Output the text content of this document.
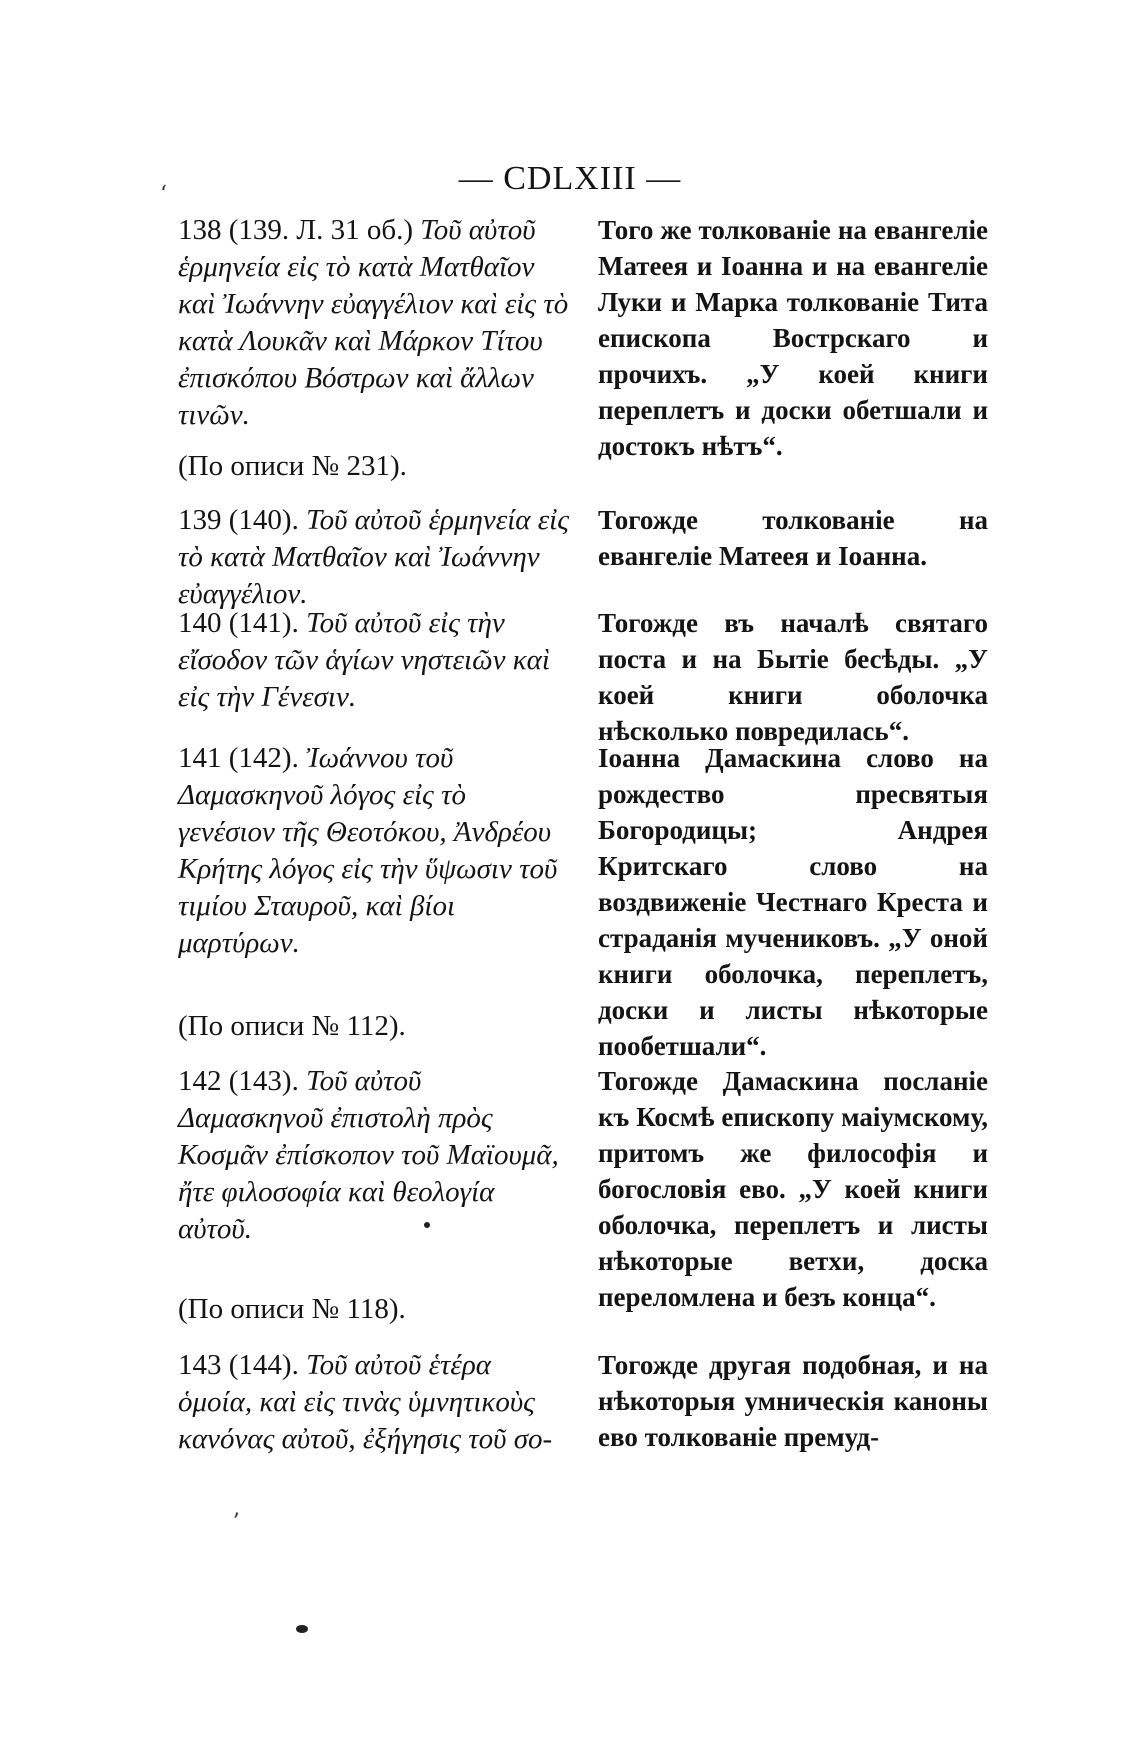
ʻ	— CDLXIII —
138 (139. Л. 31 об.) Τοῦ αὐτοῦ ἑρμηνεία εἰς τὸ κατὰ Ματθαῖον καὶ Ἰωάννην εὐαγγέλιον καὶ εἰς τὸ κατὰ Λουκᾶν καὶ Μάρκον Τίτου ἐπισκόπου Βόστρων καὶ ἄλλων τινῶν.
Того же толкованіе на евангеліе Матеея и Іоанна и на евангеліе Луки и Марка толкованіе Тита епископа Вострскаго и прочихъ. „У коей книги переплетъ и доски обетшали и достокъ нѣтъ“.
(По описи № 231).
139 (140). Τοῦ αὐτοῦ ἑρμηνεία εἰς τὸ κατὰ Ματθαῖον καὶ Ἰωάννην εὐαγγέλιον.
Тогожде толкованіе на евангеліе Матеея и Іоанна.
140 (141). Τοῦ αὐτοῦ εἰς τὴν εἴσοδον τῶν ἁγίων νηστειῶν καὶ εἰς τὴν Γένεσιν.
Тогожде въ началѣ святаго поста и на Бытіе бесѣды. „У коей книги оболочка нѣсколько повредилась“.
141 (142). Ἰωάννου τοῦ Δαμασκηνοῦ λόγος εἰς τὸ γενέσιον τῆς Θεοτόκου, Ἀνδρέου Κρήτης λόγος εἰς τὴν ὕψωσιν τοῦ τιμίου Σταυροῦ, καὶ βίοι μαρτύρων.
Іоанна Дамаскина слово на рождество пресвятыя Богородицы; Андрея Критскаго слово на воздвиженіе Честнаго Креста и страданія мучениковъ. „У оной книги оболочка, переплетъ, доски и листы нѣкоторые пообетшали“.
(По описи № 112).
142 (143). Τοῦ αὐτοῦ Δαμασκηνοῦ ἐπιστολὴ πρὸς Κοσμᾶν ἐπίσκοπον τοῦ Μαϊουμᾶ, ἤτε φιλοσοφία καὶ θεολογία αὐτοῦ.
Тогожде Дамаскина посланіе къ Космѣ епископу маіумскому, притомъ же философія и богословія ево. „У коей книги оболочка, переплетъ и листы нѣкоторые ветхи, доска переломлена и безъ конца“.
(По описи № 118).
143 (144). Τοῦ αὐτοῦ ἑτέρα ὁμοία, καὶ εἰς τινὰς ὑμνητικοὺς κανόνας αὐτοῦ, ἐξήγησις τοῦ σο-
Тогожде другая подобная, и на нѣкоторыя умническія каноны ево толкованіе премуд-
ʼ
